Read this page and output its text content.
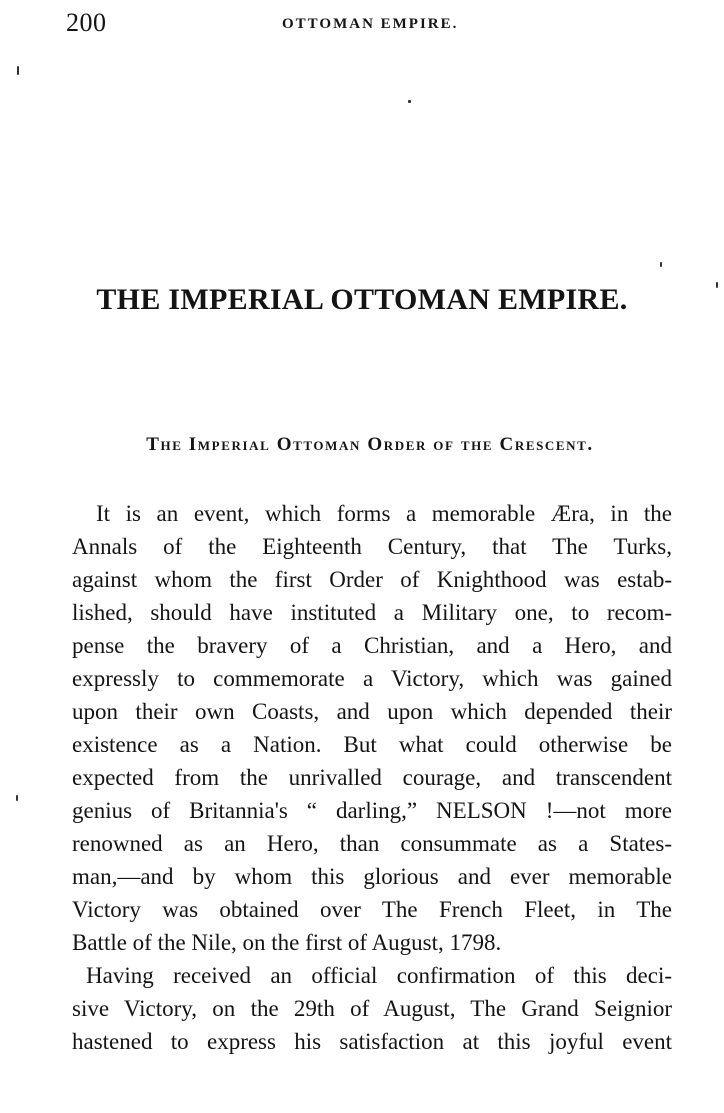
200	OTTOMAN EMPIRE.
THE IMPERIAL OTTOMAN EMPIRE.
The Imperial Ottoman Order of the Crescent.
It is an event, which forms a memorable Æra, in the
Annals of the Eighteenth Century, that The Turks,
against whom the first Order of Knighthood was estab-
lished, should have instituted a Military one, to recom-
pense the bravery of a Christian, and a Hero, and
expressly to commemorate a Victory, which was gained
upon their own Coasts, and upon which depended their
existence as a Nation. But what could otherwise be
expected from the unrivalled courage, and transcendent
genius of Britannia's “ darling,” NELSON !—not more
renowned as an Hero, than consummate as a States-
man,—and by whom this glorious and ever memorable
Victory was obtained over The French Fleet, in The
Battle of the Nile, on the first of August, 1798.
Having received an official confirmation of this deci-
sive Victory, on the 29th of August, The Grand Seignior
hastened to express his satisfaction at this joyful event
